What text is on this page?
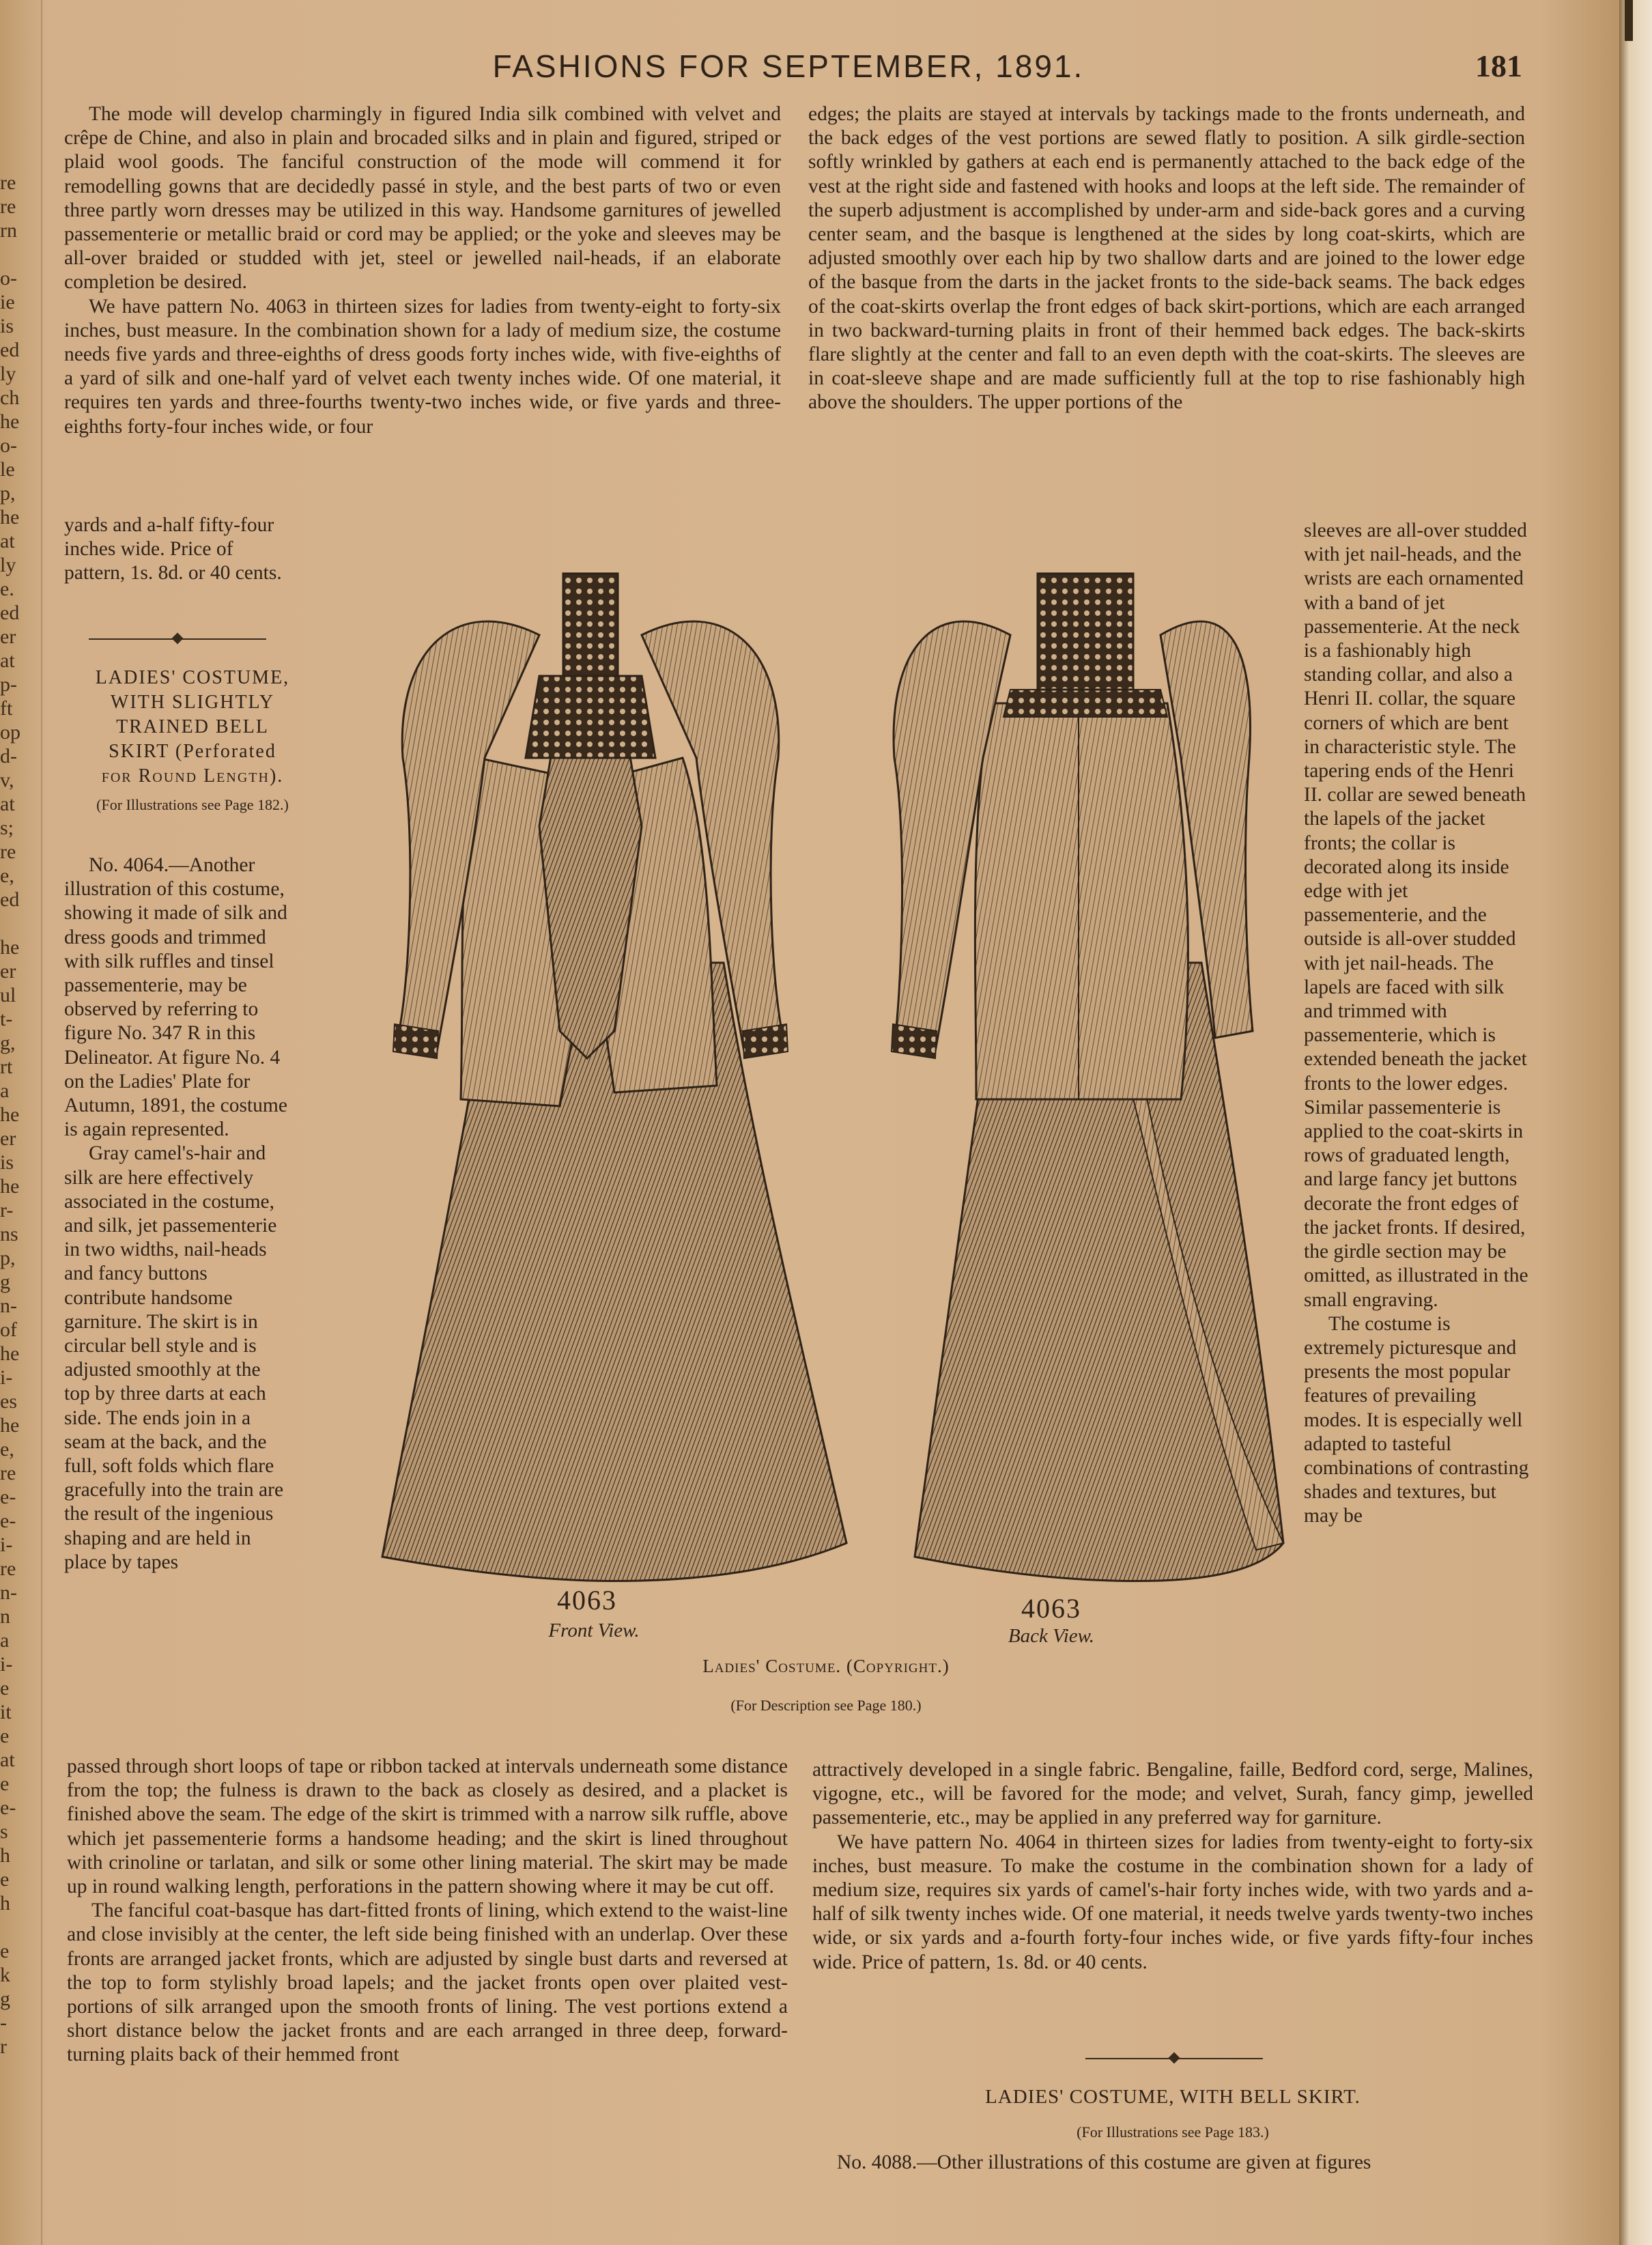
re
re
rn
o-
ie
is
ed
ly
ch
he
o-
le
p,
he
at
ly
e.
ed
er
at
p-
ft
op
d-
v,
at
s;
re
e,
ed
he
er
ul
t-
g,
rt
a
he
er
is
he
r-
ns
p,
g
n-
of
he
i-
es
he
e,
re
e-
e-
i-
re
n-
n
a
i-
e
it
e
at
e
e-
s
h
e
h
e
k
g
-
r
FASHIONS FOR SEPTEMBER, 1891.	181

The mode will develop charmingly in figured India silk combined with velvet and crêpe de Chine, and also in plain and brocaded silks and in plain and figured, striped or plaid wool goods. The fanciful construction of the mode will commend it for remodelling gowns that are decidedly passé in style, and the best parts of two or even three partly worn dresses may be utilized in this way. Handsome garnitures of jewelled passementerie or metallic braid or cord may be applied; or the yoke and sleeves may be all-over braided or studded with jet, steel or jewelled nail-heads, if an elaborate completion be desired.

We have pattern No. 4063 in thirteen sizes for ladies from twenty-eight to forty-six inches, bust measure. In the combination shown for a lady of medium size, the costume needs five yards and three-eighths of dress goods forty inches wide, with five-eighths of a yard of silk and one-half yard of velvet each twenty inches wide. Of one material, it requires ten yards and three-fourths twenty-two inches wide, or five yards and three-eighths forty-four inches wide, or four

yards and a-half fifty-four inches wide. Price of pattern, 1s. 8d. or 40 cents.

LADIES' COSTUME,

WITH SLIGHTLY

TRAINED BELL

SKIRT (Perforated

for Round Length).

(For Illustrations see Page 182.)

No. 4064.—Another illustration of this costume, showing it made of silk and dress goods and trimmed with silk ruffles and tinsel passementerie, may be observed by referring to figure No. 347 R in this Delineator. At figure No. 4 on the Ladies' Plate for Autumn, 1891, the costume is again represented.

Gray camel's-hair and silk are here effectively associated in the costume, and silk, jet passementerie in two widths, nail-heads and fancy buttons contribute handsome garniture. The skirt is in circular bell style and is adjusted smoothly at the top by three darts at each side. The ends join in a seam at the back, and the full, soft folds which flare gracefully into the train are the result of the ingenious shaping and are held in place by tapes

passed through short loops of tape or ribbon tacked at intervals underneath some distance from the top; the fulness is drawn to the back as closely as desired, and a placket is finished above the seam. The edge of the skirt is trimmed with a narrow silk ruffle, above which jet passementerie forms a handsome heading; and the skirt is lined throughout with crinoline or tarlatan, and silk or some other lining material. The skirt may be made up in round walking length, perforations in the pattern showing where it may be cut off.

The fanciful coat-basque has dart-fitted fronts of lining, which extend to the waist-line and close invisibly at the center, the left side being finished with an underlap. Over these fronts are arranged jacket fronts, which are adjusted by single bust darts and reversed at the top to form stylishly broad lapels; and the jacket fronts open over plaited vest-portions of silk arranged upon the smooth fronts of lining. The vest portions extend a short distance below the jacket fronts and are each arranged in three deep, forward-turning plaits back of their hemmed front

edges; the plaits are stayed at intervals by tackings made to the fronts underneath, and the back edges of the vest portions are sewed flatly to position. A silk girdle-section softly wrinkled by gathers at each end is permanently attached to the back edge of the vest at the right side and fastened with hooks and loops at the left side. The remainder of the superb adjustment is accomplished by under-arm and side-back gores and a curving center seam, and the basque is lengthened at the sides by long coat-skirts, which are adjusted smoothly over each hip by two shallow darts and are joined to the lower edge of the basque from the darts in the jacket fronts to the side-back seams. The back edges of the coat-skirts overlap the front edges of back skirt-portions, which are each arranged in two backward-turning plaits in front of their hemmed back edges. The back-skirts flare slightly at the center and fall to an even depth with the coat-skirts. The sleeves are in coat-sleeve shape and are made sufficiently full at the top to rise fashionably high above the shoulders. The upper portions of the

sleeves are all-over studded with jet nail-heads, and the wrists are each ornamented with a band of jet passementerie. At the neck is a fashionably high standing collar, and also a Henri II. collar, the square corners of which are bent in characteristic style. The tapering ends of the Henri II. collar are sewed beneath the lapels of the jacket fronts; the collar is decorated along its inside edge with jet passementerie, and the outside is all-over studded with jet nail-heads. The lapels are faced with silk and trimmed with passementerie, which is extended beneath the jacket fronts to the lower edges. Similar passementerie is applied to the coat-skirts in rows of graduated length, and large fancy jet buttons decorate the front edges of the jacket fronts. If desired, the girdle section may be omitted, as illustrated in the small engraving.

The costume is extremely picturesque and presents the most popular features of prevailing modes. It is especially well adapted to tasteful combinations of contrasting shades and textures, but may be

attractively developed in a single fabric. Bengaline, faille, Bedford cord, serge, Malines, vigogne, etc., will be favored for the mode; and velvet, Surah, fancy gimp, jewelled passementerie, etc., may be applied in any preferred way for garniture.

We have pattern No. 4064 in thirteen sizes for ladies from twenty-eight to forty-six inches, bust measure. To make the costume in the combination shown for a lady of medium size, requires six yards of camel's-hair forty inches wide, with two yards and a-half of silk twenty inches wide. Of one material, it needs twelve yards twenty-two inches wide, or six yards and a-fourth forty-four inches wide, or five yards fifty-four inches wide. Price of pattern, 1s. 8d. or 40 cents.

LADIES' COSTUME, WITH BELL SKIRT.
(For Illustrations see Page 183.)

No. 4088.—Other illustrations of this costume are given at figures

4063
Front View.
4063
Back View.
Ladies' Costume. (Copyright.)
(For Description see Page 180.)
